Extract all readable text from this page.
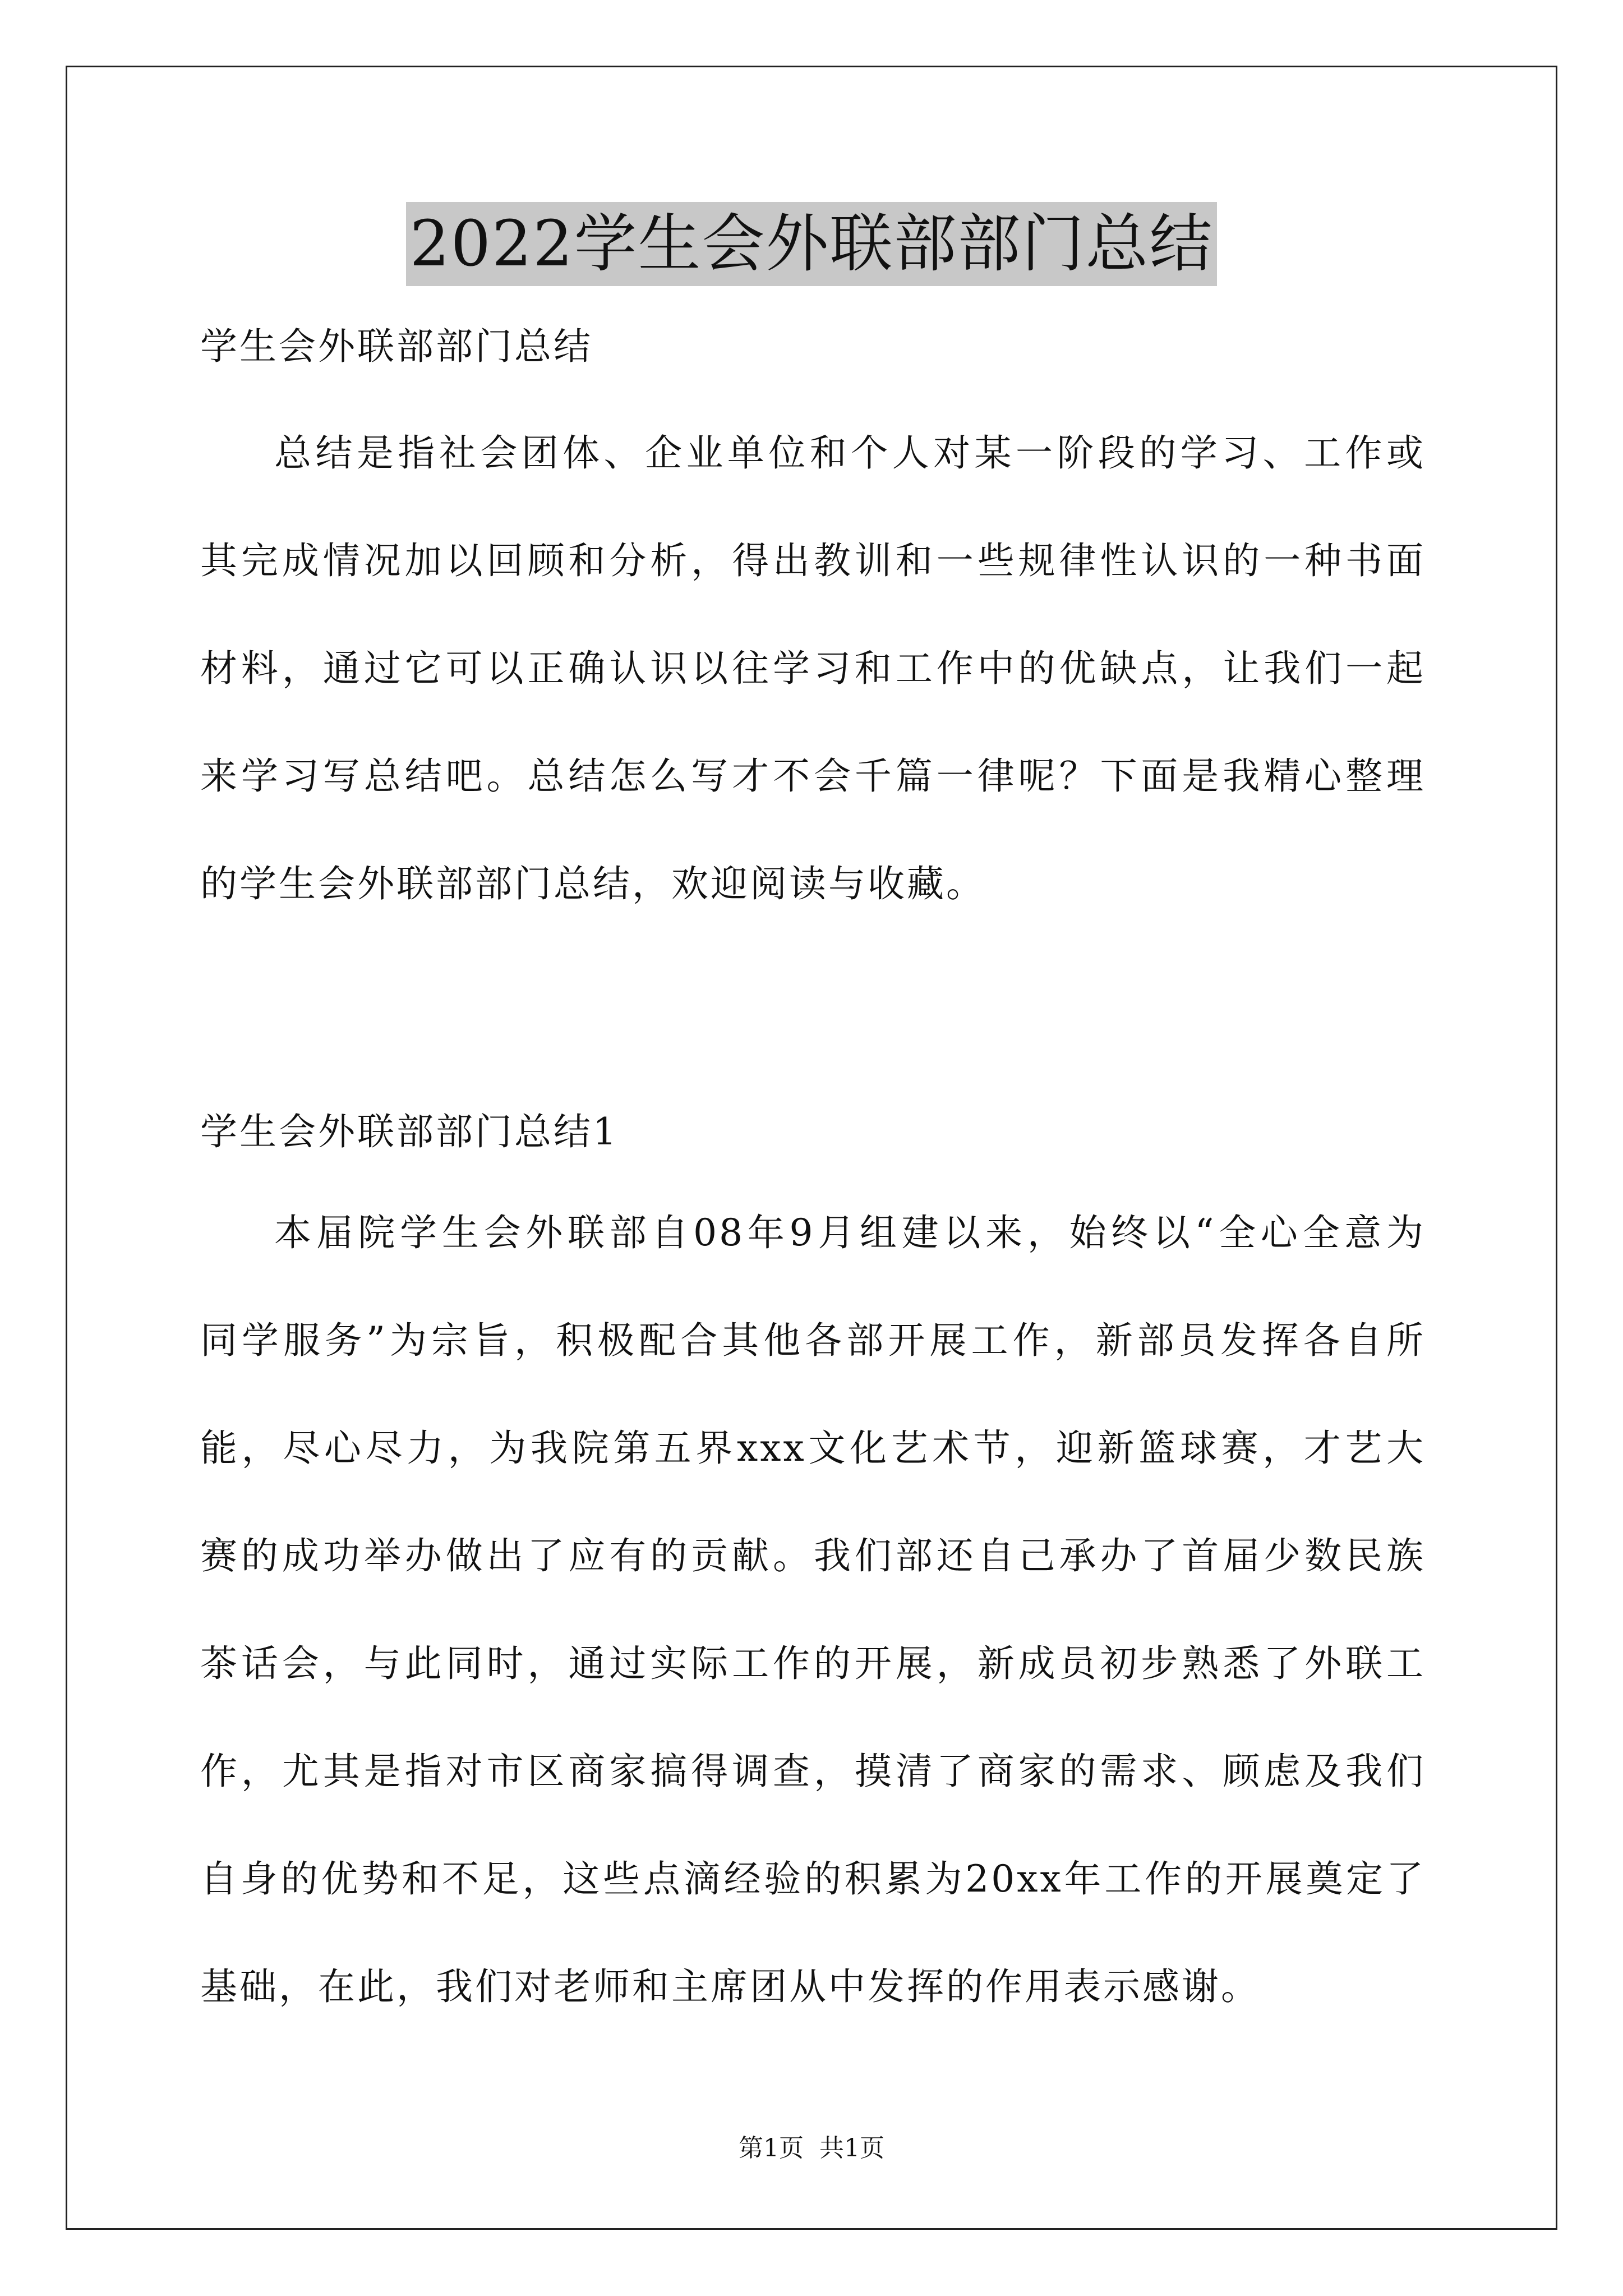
2022学生会外联部部门总结
学生会外联部部门总结
总结是指社会团体、企业单位和个人对某一阶段的学习、工作或
其完成情况加以回顾和分析，得出教训和一些规律性认识的一种书面
材料，通过它可以正确认识以往学习和工作中的优缺点，让我们一起
来学习写总结吧。总结怎么写才不会千篇一律呢？下面是我精心整理
的学生会外联部部门总结，欢迎阅读与收藏。
学生会外联部部门总结1
本届院学生会外联部自08年9月组建以来，始终以“全心全意为
同学服务”为宗旨，积极配合其他各部开展工作，新部员发挥各自所
能，尽心尽力，为我院第五界xxx文化艺术节，迎新篮球赛，才艺大
赛的成功举办做出了应有的贡献。我们部还自己承办了首届少数民族
茶话会，与此同时，通过实际工作的开展，新成员初步熟悉了外联工
作，尤其是指对市区商家搞得调查，摸清了商家的需求、顾虑及我们
自身的优势和不足，这些点滴经验的积累为20xx年工作的开展奠定了
基础，在此，我们对老师和主席团从中发挥的作用表示感谢。
第1页 共1页
